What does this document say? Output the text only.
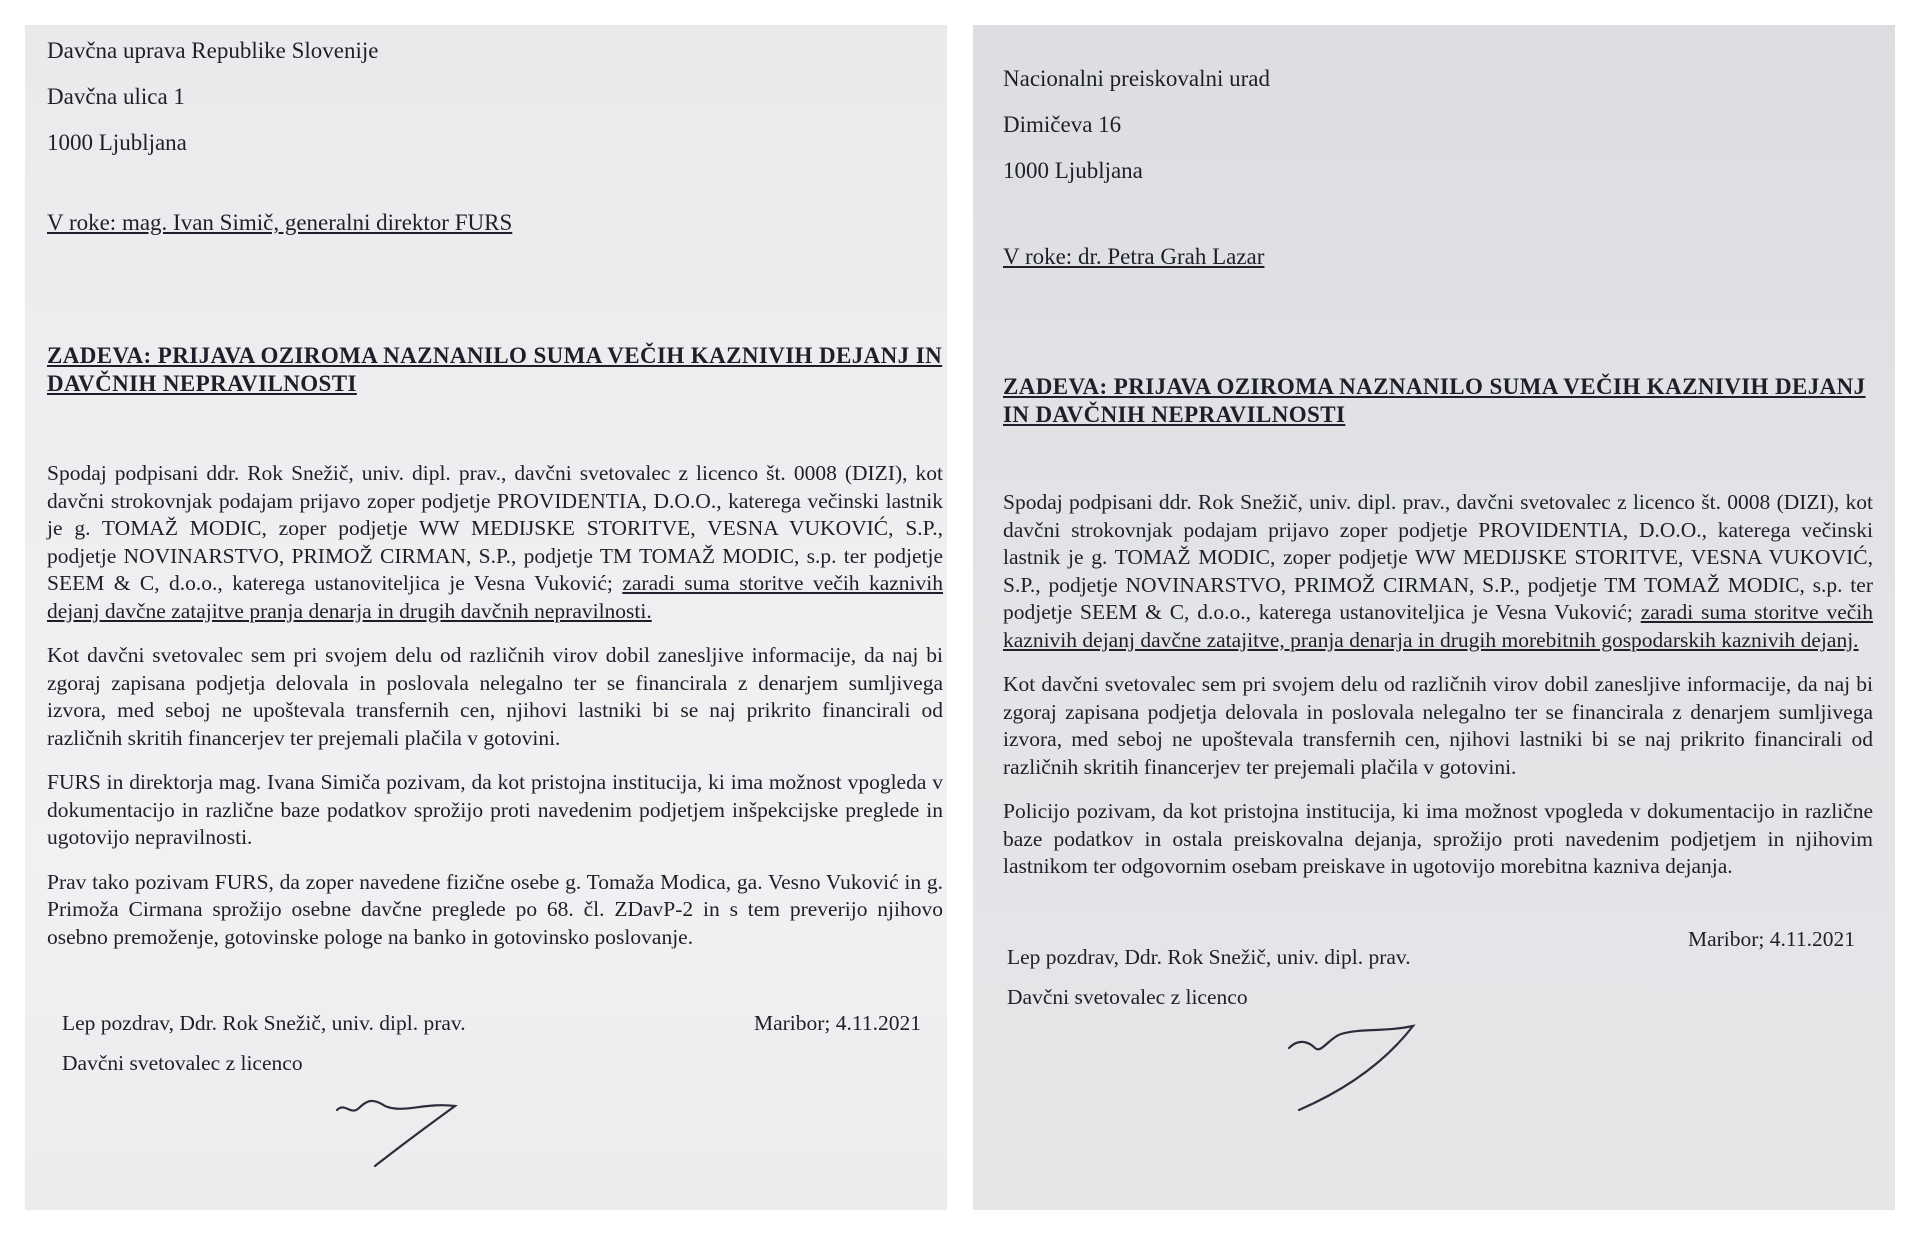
Davčna uprava Republike Slovenije

Davčna ulica 1

1000 Ljubljana

V roke: mag. Ivan Simič, generalni direktor FURS

ZADEVA: PRIJAVA OZIROMA NAZNANILO SUMA VEČIH KAZNIVIH DEJANJ IN DAVČNIH NEPRAVILNOSTI

Spodaj podpisani ddr. Rok Snežič, univ. dipl. prav., davčni svetovalec z licenco št. 0008 (DIZI), kot davčni strokovnjak podajam prijavo zoper podjetje PROVIDENTIA, D.O.O., katerega večinski lastnik je g. TOMAŽ MODIC, zoper podjetje WW MEDIJSKE STORITVE, VESNA VUKOVIĆ, S.P., podjetje NOVINARSTVO, PRIMOŽ CIRMAN, S.P., podjetje TM TOMAŽ MODIC, s.p. ter podjetje SEEM & C, d.o.o., katerega ustanoviteljica je Vesna Vuković; zaradi suma storitve večih kaznivih dejanj davčne zatajitve pranja denarja in drugih davčnih nepravilnosti.

Kot davčni svetovalec sem pri svojem delu od različnih virov dobil zanesljive informacije, da naj bi zgoraj zapisana podjetja delovala in poslovala nelegalno ter se financirala z denarjem sumljivega izvora, med seboj ne upoštevala transfernih cen, njihovi lastniki bi se naj prikrito financirali od različnih skritih financerjev ter prejemali plačila v gotovini.

FURS in direktorja mag. Ivana Simiča pozivam, da kot pristojna institucija, ki ima možnost vpogleda v dokumentacijo in različne baze podatkov sprožijo proti navedenim podjetjem inšpekcijske preglede in ugotovijo nepravilnosti.

Prav tako pozivam FURS, da zoper navedene fizične osebe g. Tomaža Modica, ga. Vesno Vuković in g. Primoža Cirmana sprožijo osebne davčne preglede po 68. čl. ZDavP-2 in s tem preverijo njihovo osebno premoženje, gotovinske pologe na banko in gotovinsko poslovanje.

Lep pozdrav, Ddr. Rok Snežič, univ. dipl. prav.	Maribor; 4.11.2021
Davčni svetovalec z licenco

Nacionalni preiskovalni urad

Dimičeva 16

1000 Ljubljana

V roke: dr. Petra Grah Lazar

ZADEVA: PRIJAVA OZIROMA NAZNANILO SUMA VEČIH KAZNIVIH DEJANJ IN DAVČNIH NEPRAVILNOSTI

Spodaj podpisani ddr. Rok Snežič, univ. dipl. prav., davčni svetovalec z licenco št. 0008 (DIZI), kot davčni strokovnjak podajam prijavo zoper podjetje PROVIDENTIA, D.O.O., katerega večinski lastnik je g. TOMAŽ MODIC, zoper podjetje WW MEDIJSKE STORITVE, VESNA VUKOVIĆ, S.P., podjetje NOVINARSTVO, PRIMOŽ CIRMAN, S.P., podjetje TM TOMAŽ MODIC, s.p. ter podjetje SEEM & C, d.o.o., katerega ustanoviteljica je Vesna Vuković; zaradi suma storitve večih kaznivih dejanj davčne zatajitve, pranja denarja in drugih morebitnih gospodarskih kaznivih dejanj.

Kot davčni svetovalec sem pri svojem delu od različnih virov dobil zanesljive informacije, da naj bi zgoraj zapisana podjetja delovala in poslovala nelegalno ter se financirala z denarjem sumljivega izvora, med seboj ne upoštevala transfernih cen, njihovi lastniki bi se naj prikrito financirali od različnih skritih financerjev ter prejemali plačila v gotovini.

Policijo pozivam, da kot pristojna institucija, ki ima možnost vpogleda v dokumentacijo in različne baze podatkov in ostala preiskovalna dejanja, sprožijo proti navedenim podjetjem in njihovim lastnikom ter odgovornim osebam preiskave in ugotovijo morebitna kazniva dejanja.

Lep pozdrav, Ddr. Rok Snežič, univ. dipl. prav.
Maribor; 4.11.2021
Davčni svetovalec z licenco
